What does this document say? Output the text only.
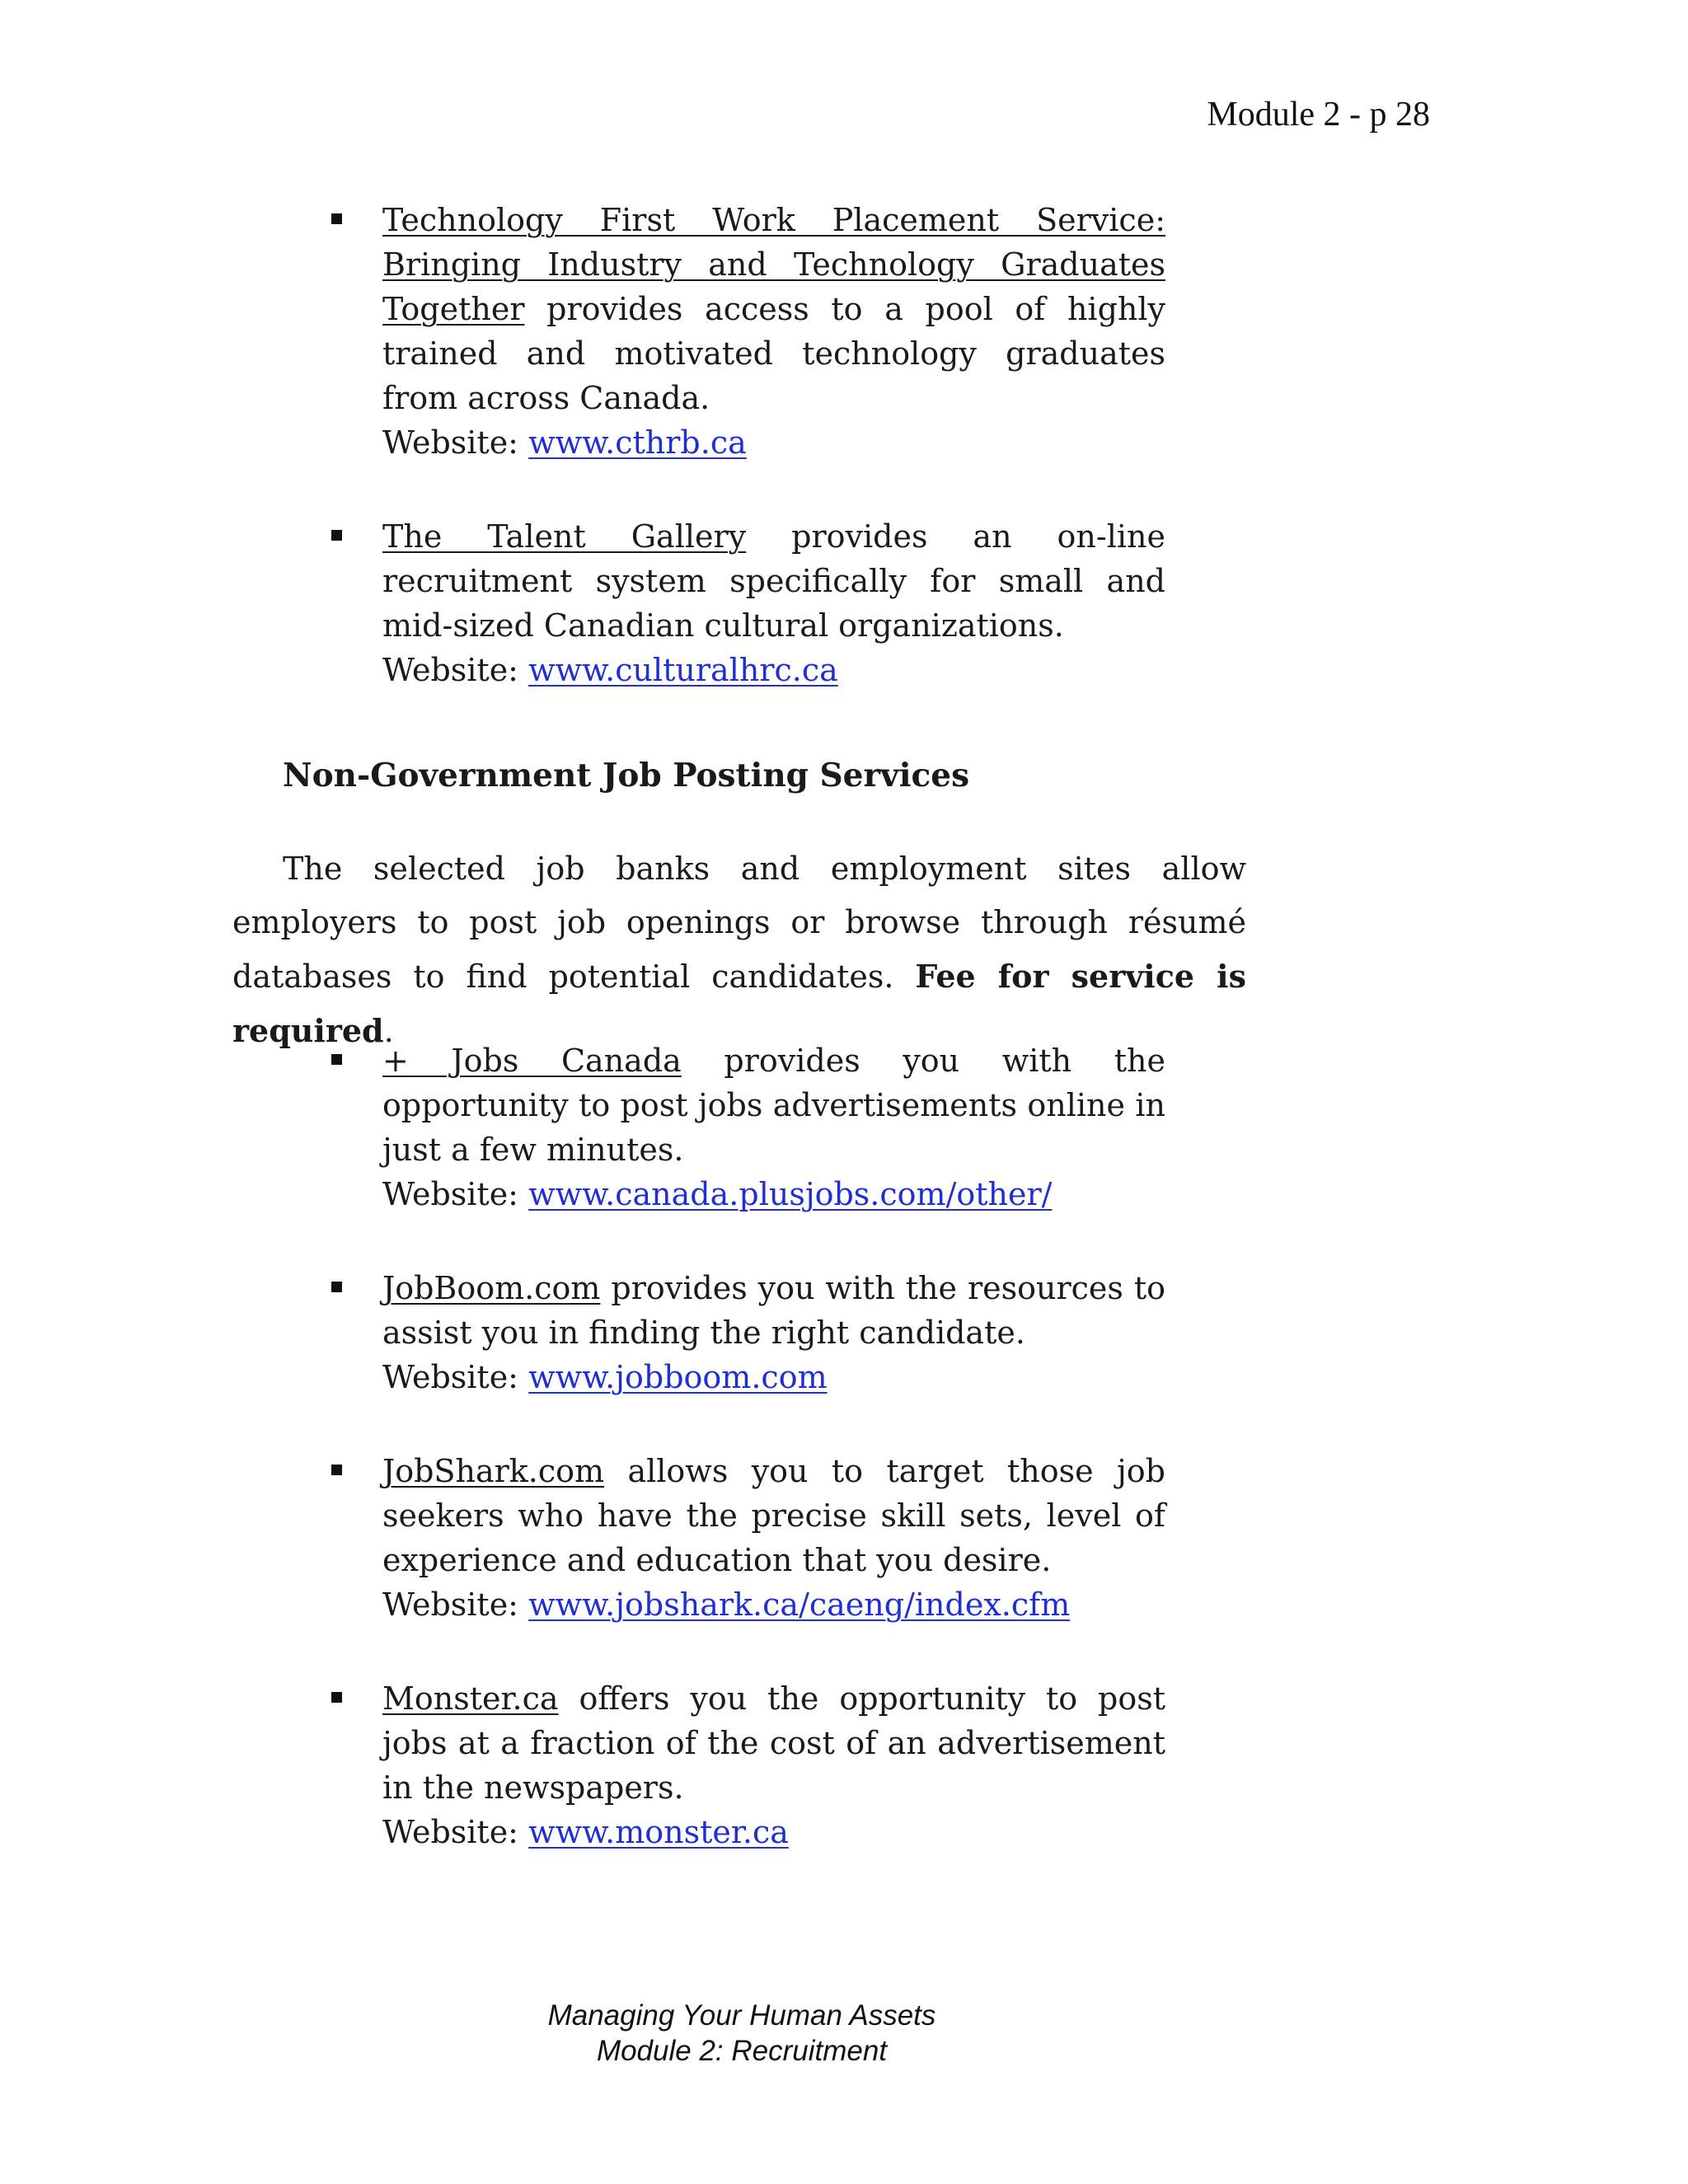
Module 2 - p 28
Technology First Work Placement Service: Bringing Industry and Technology Graduates Together provides access to a pool of highly trained and motivated technology graduates from across Canada.
Website: www.cthrb.ca
The Talent Gallery provides an on-line recruitment system specifically for small and mid-sized Canadian cultural organizations.
Website: www.culturalhrc.ca
Non-Government Job Posting Services

The selected job banks and employment sites allow employers to post job openings or browse through résumé databases to find potential candidates. Fee for service is required.

+ Jobs Canada provides you with the opportunity to post jobs advertisements online in just a few minutes.
Website: www.canada.plusjobs.com/other/
JobBoom.com provides you with the resources to assist you in finding the right candidate.
Website: www.jobboom.com
JobShark.com allows you to target those job seekers who have the precise skill sets, level of experience and education that you desire.
Website: www.jobshark.ca/caeng/index.cfm
Monster.ca offers you the opportunity to post jobs at a fraction of the cost of an advertisement in the newspapers.
Website: www.monster.ca
Managing Your Human Assets
Module 2: Recruitment
